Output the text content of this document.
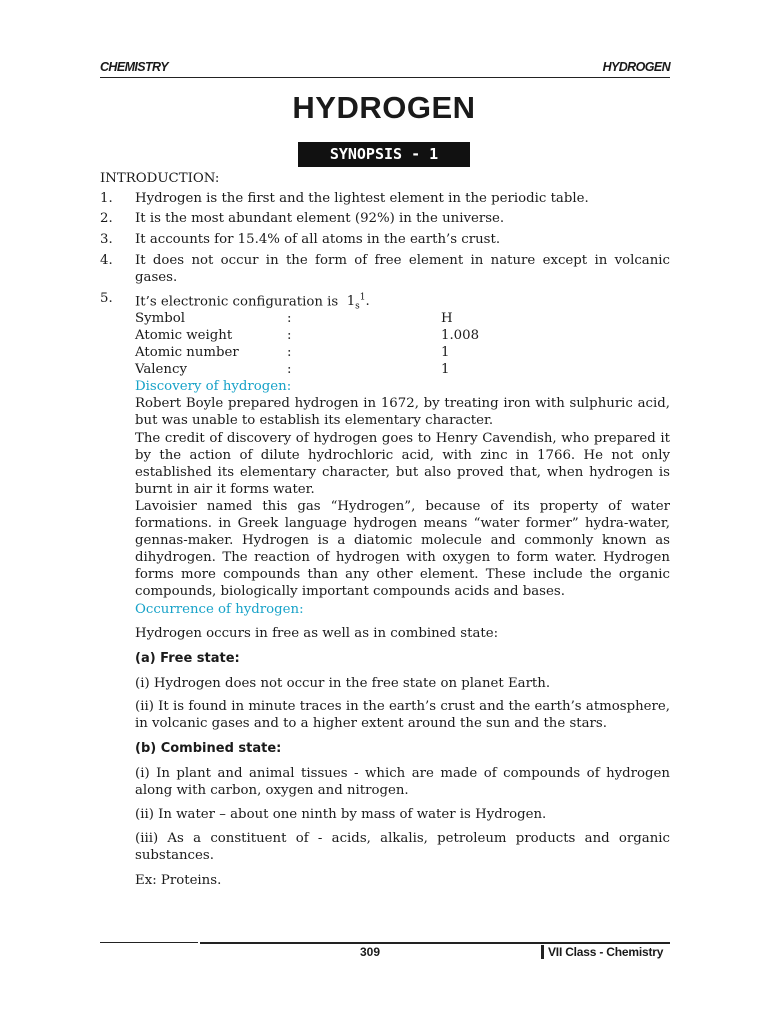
CHEMISTRY	HYDROGEN
HYDROGEN
SYNOPSIS - 1
INTRODUCTION:
1. Hydrogen is the first and the lightest element in the periodic table.
2. It is the most abundant element (92%) in the universe.
3. It accounts for 15.4% of all atoms in the earth’s crust.
4. It does not occur in the form of free element in nature except in volcanic gases.
5. It’s electronic configuration is $1_s^1$.
Symbol	:	H
Atomic weight	:	1.008
Atomic number	:	1
Valency	:	1
Discovery of hydrogen:
Robert Boyle prepared hydrogen in 1672, by treating iron with sulphuric acid, but was unable to establish its elementary character.
The credit of discovery of hydrogen goes to Henry Cavendish, who prepared it by the action of dilute hydrochloric acid, with zinc in 1766. He not only established its elementary character, but also proved that, when hydrogen is burnt in air it forms water.
Lavoisier named this gas “Hydrogen”, because of its property of water formations. in Greek language hydrogen means “water former” hydra-water, gennas-maker. Hydrogen is a diatomic molecule and commonly known as dihydrogen. The reaction of hydrogen with oxygen to form water. Hydrogen forms more compounds than any other element. These include the organic compounds, biologically important compounds acids and bases.
Occurrence of hydrogen:
Hydrogen occurs in free as well as in combined state:
(a) Free state:
(i) Hydrogen does not occur in the free state on planet Earth.
(ii) It is found in minute traces in the earth’s crust and the earth’s atmosphere, in volcanic gases and to a higher extent around the sun and the stars.
(b) Combined state:
(i) In plant and animal tissues - which are made of compounds of hydrogen along with carbon, oxygen and nitrogen.
(ii) In water – about one ninth by mass of water is Hydrogen.
(iii) As a constituent of - acids, alkalis, petroleum products and organic substances.
Ex: Proteins.
309	VII Class - Chemistry
